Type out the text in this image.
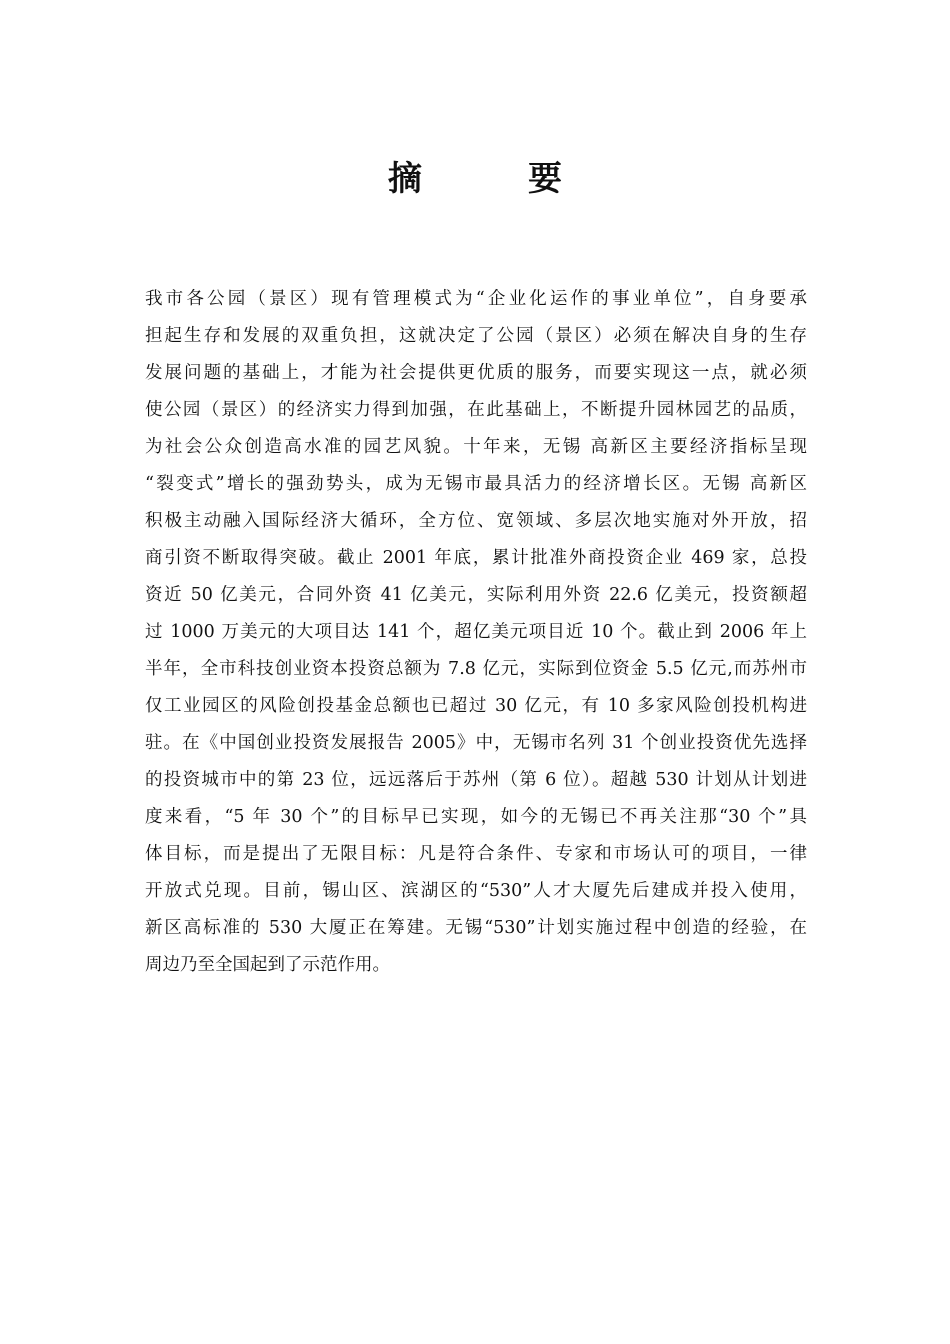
摘　要
我市各公园（景区）现有管理模式为“企业化运作的事业单位”，自身要承
担起生存和发展的双重负担，这就决定了公园（景区）必须在解决自身的生存
发展问题的基础上，才能为社会提供更优质的服务，而要实现这一点，就必须
使公园（景区）的经济实力得到加强，在此基础上，不断提升园林园艺的品质，
为社会公众创造高水准的园艺风貌。十年来，无锡 高新区主要经济指标呈现
“裂变式”增长的强劲势头，成为无锡市最具活力的经济增长区。无锡 高新区
积极主动融入国际经济大循环，全方位、宽领域、多层次地实施对外开放，招
商引资不断取得突破。截止 2001 年底，累计批准外商投资企业 469 家，总投
资近 50 亿美元，合同外资 41 亿美元，实际利用外资 22.6 亿美元，投资额超
过 1000 万美元的大项目达 141 个，超亿美元项目近 10 个。截止到 2006 年上
半年，全市科技创业资本投资总额为 7.8 亿元，实际到位资金 5.5 亿元,而苏州市
仅工业园区的风险创投基金总额也已超过 30 亿元，有 10 多家风险创投机构进
驻。在《中国创业投资发展报告 2005》中，无锡市名列 31 个创业投资优先选择
的投资城市中的第 23 位，远远落后于苏州（第 6 位）。超越 530 计划从计划进
度来看，“5 年 30 个”的目标早已实现，如今的无锡已不再关注那“30 个”具
体目标，而是提出了无限目标：凡是符合条件、专家和市场认可的项目，一律
开放式兑现。目前，锡山区、滨湖区的“530”人才大厦先后建成并投入使用，
新区高标准的 530 大厦正在筹建。无锡“530”计划实施过程中创造的经验，在
周边乃至全国起到了示范作用。
